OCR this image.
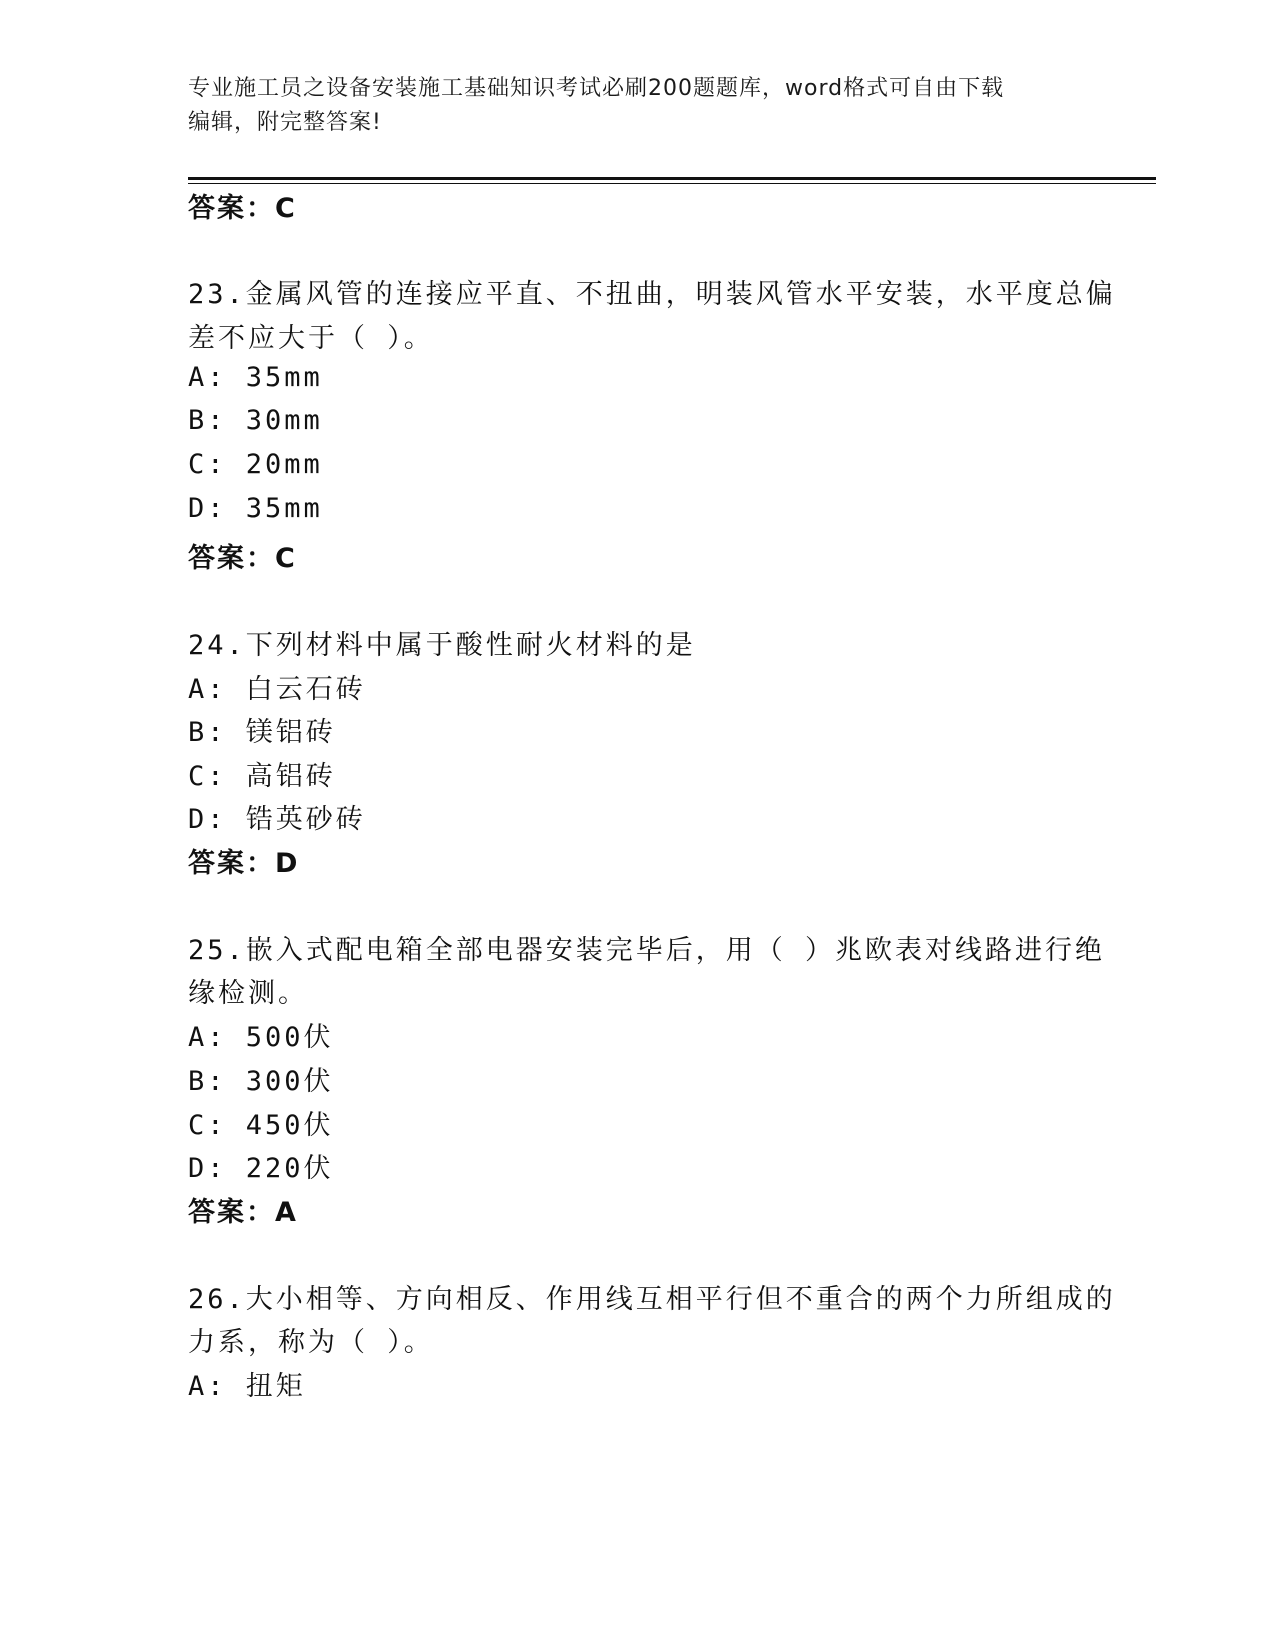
专业施工员之设备安装施工基础知识考试必刷200题题库，word格式可自由下载
编辑，附完整答案!
答案：C
23.金属风管的连接应平直、不扭曲，明装风管水平安装，水平度总偏
差不应大于（ ）。
A: 35mm
B: 30mm
C: 20mm
D: 35mm
答案：C
24.下列材料中属于酸性耐火材料的是
A: 白云石砖
B: 镁铝砖
C: 高铝砖
D: 锆英砂砖
答案：D
25.嵌入式配电箱全部电器安装完毕后，用（ ）兆欧表对线路进行绝
缘检测。
A: 500伏
B: 300伏
C: 450伏
D: 220伏
答案：A
26.大小相等、方向相反、作用线互相平行但不重合的两个力所组成的
力系，称为（ ）。
A: 扭矩
